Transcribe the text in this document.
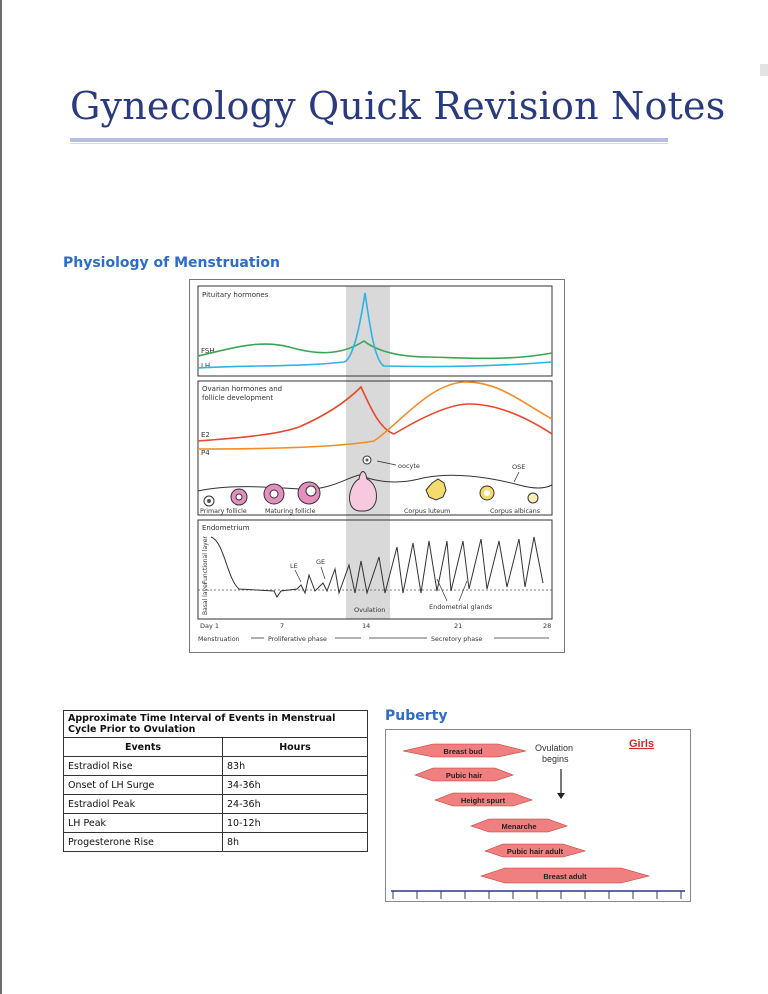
Gynecology Quick Revision Notes
Physiology of Menstruation
Pituitary hormones
FSH
LH
Ovarian hormones and
follicle development
E2
P4
oocyte	OSE
Primary follicle	Maturing follicle	Corpus luteum	Corpus albicans
Endometrium
Functional layer
Basal layer
LE	GE
Ovulation	Endometrial glands
Day 1	7	14	21	28
Menstruation	Proliferative phase	Secretory phase
Approximate Time Interval of Events in Menstrual
Cycle Prior to Ovulation	
Events	Hours
Estradiol Rise	83h
Onset of LH Surge	34-36h
Estradiol Peak	24-36h
LH Peak	10-12h
Progesterone Rise	8h
Puberty
Girls
Ovulation
begins
Breast bud
Pubic hair
Height spurt
Menarche
Pubic hair adult
Breast adult
